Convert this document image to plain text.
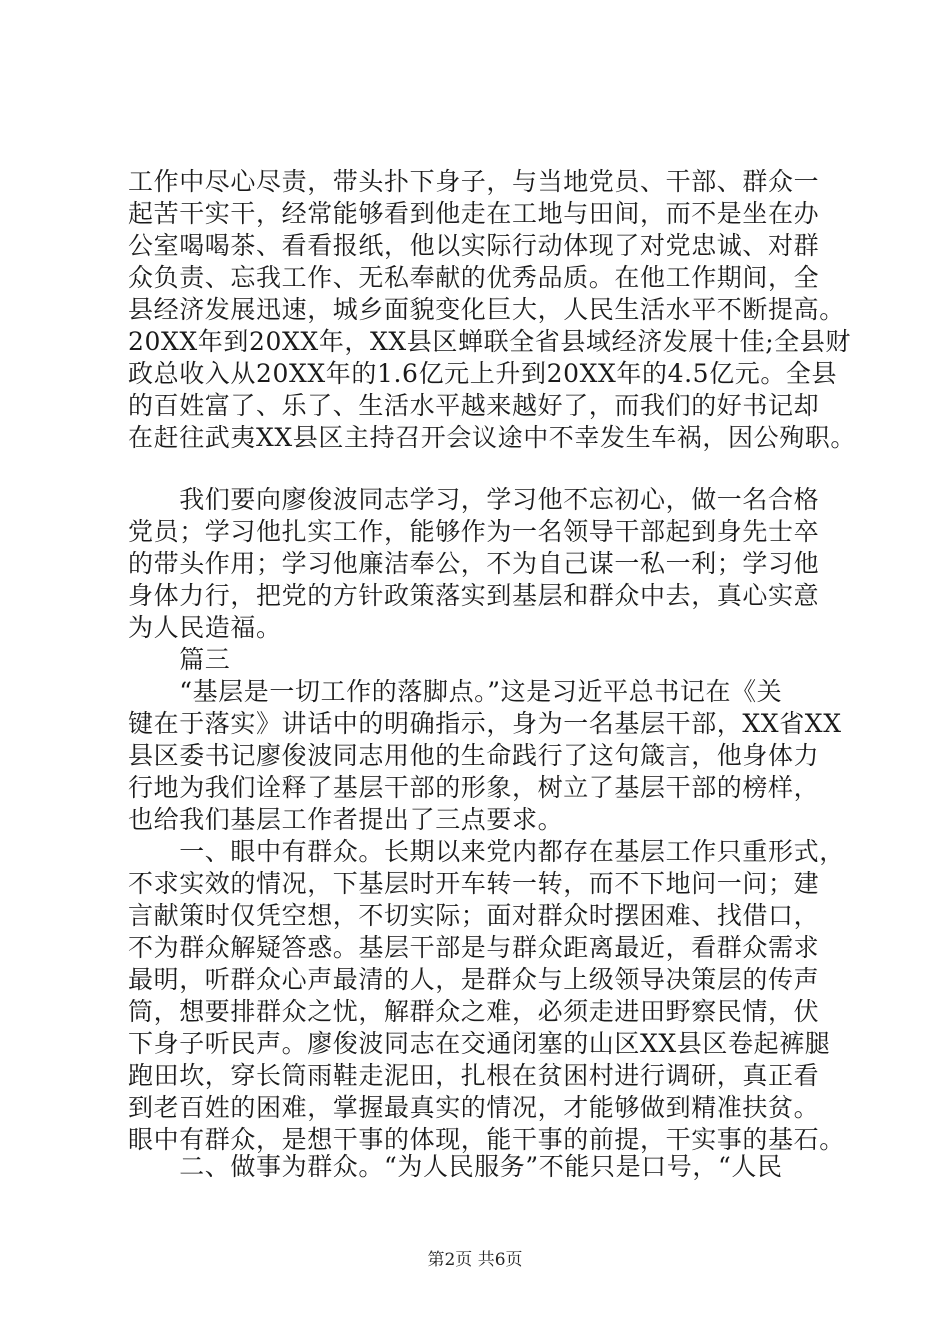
工作中尽心尽责，带头扑下身子，与当地党员、干部、群众一
起苦干实干，经常能够看到他走在工地与田间，而不是坐在办
公室喝喝茶、看看报纸，他以实际行动体现了对党忠诚、对群
众负责、忘我工作、无私奉献的优秀品质。在他工作期间，全
县经济发展迅速，城乡面貌变化巨大，人民生活水平不断提高。
20XX年到20XX年，XX县区蝉联全省县域经济发展十佳;全县财
政总收入从20XX年的1.6亿元上升到20XX年的4.5亿元。全县
的百姓富了、乐了、生活水平越来越好了，而我们的好书记却
在赶往武夷XX县区主持召开会议途中不幸发生车祸，因公殉职。
　　我们要向廖俊波同志学习，学习他不忘初心，做一名合格
党员；学习他扎实工作，能够作为一名领导干部起到身先士卒
的带头作用；学习他廉洁奉公，不为自己谋一私一利；学习他
身体力行，把党的方针政策落实到基层和群众中去，真心实意
为人民造福。
　　篇三
　　“基层是一切工作的落脚点。”这是习近平总书记在《关
键在于落实》讲话中的明确指示，身为一名基层干部，XX省XX
县区委书记廖俊波同志用他的生命践行了这句箴言，他身体力
行地为我们诠释了基层干部的形象，树立了基层干部的榜样，
也给我们基层工作者提出了三点要求。
　　一、眼中有群众。长期以来党内都存在基层工作只重形式，
不求实效的情况，下基层时开车转一转，而不下地问一问；建
言献策时仅凭空想，不切实际；面对群众时摆困难、找借口，
不为群众解疑答惑。基层干部是与群众距离最近，看群众需求
最明，听群众心声最清的人，是群众与上级领导决策层的传声
筒，想要排群众之忧，解群众之难，必须走进田野察民情，伏
下身子听民声。廖俊波同志在交通闭塞的山区XX县区卷起裤腿
跑田坎，穿长筒雨鞋走泥田，扎根在贫困村进行调研，真正看
到老百姓的困难，掌握最真实的情况，才能够做到精准扶贫。
眼中有群众，是想干事的体现，能干事的前提，干实事的基石。
　　二、做事为群众。“为人民服务”不能只是口号，“人民
第2页 共6页
